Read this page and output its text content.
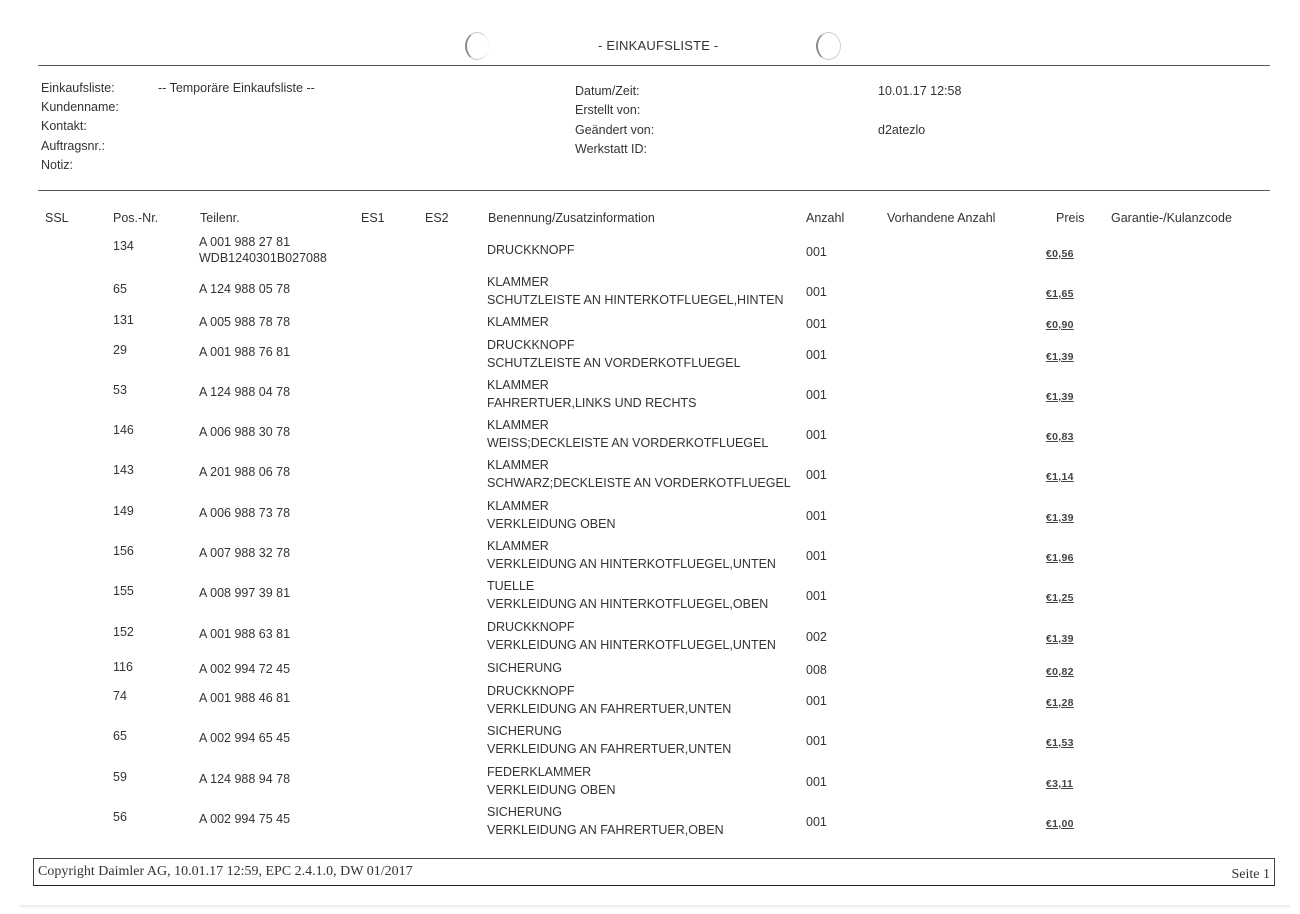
- EINKAUFSLISTE -
Einkaufsliste:	-- Temporäre Einkaufsliste --
Kundenname:
Kontakt:
Auftragsnr.:
Notiz:
Datum/Zeit:	10.01.17 12:58
Erstellt von:
Geändert von:	d2atezlo
Werkstatt ID:
SSL	Pos.-Nr.	Teilenr.	ES1	ES2	Benennung/Zusatzinformation	Anzahl	Vorhandene Anzahl	Preis Garantie-/Kulanzcode
134	A 001 988 27 81
WDB1240301B027088
DRUCKKNOPF	001	€0,56
65	A 124 988 05 78	KLAMMER
SCHUTZLEISTE AN HINTERKOTFLUEGEL,HINTEN
001	€1,65
131	A 005 988 78 78	KLAMMER	001	€0,90
29	A 001 988 76 81	DRUCKKNOPF
SCHUTZLEISTE AN VORDERKOTFLUEGEL
001	€1,39
53	A 124 988 04 78	KLAMMER
FAHRERTUER,LINKS UND RECHTS
001	€1,39
146	A 006 988 30 78	KLAMMER
WEISS;DECKLEISTE AN VORDERKOTFLUEGEL
001	€0,83
143	A 201 988 06 78	KLAMMER
SCHWARZ;DECKLEISTE AN VORDERKOTFLUEGEL
001	€1,14
149	A 006 988 73 78	KLAMMER
VERKLEIDUNG OBEN
001	€1,39
156	A 007 988 32 78	KLAMMER
VERKLEIDUNG AN HINTERKOTFLUEGEL,UNTEN
001	€1,96
155	A 008 997 39 81	TUELLE
VERKLEIDUNG AN HINTERKOTFLUEGEL,OBEN
001	€1,25
152	A 001 988 63 81	DRUCKKNOPF
VERKLEIDUNG AN HINTERKOTFLUEGEL,UNTEN
002	€1,39
116	A 002 994 72 45	SICHERUNG	008	€0,82
74	A 001 988 46 81	DRUCKKNOPF
VERKLEIDUNG AN FAHRERTUER,UNTEN
001	€1,28
65	A 002 994 65 45	SICHERUNG
VERKLEIDUNG AN FAHRERTUER,UNTEN
001	€1,53
59	A 124 988 94 78	FEDERKLAMMER
VERKLEIDUNG OBEN
001	€3,11
56	A 002 994 75 45	SICHERUNG
VERKLEIDUNG AN FAHRERTUER,OBEN
001	€1,00
Copyright Daimler AG, 10.01.17 12:59, EPC 2.4.1.0, DW 01/2017	Seite 1
